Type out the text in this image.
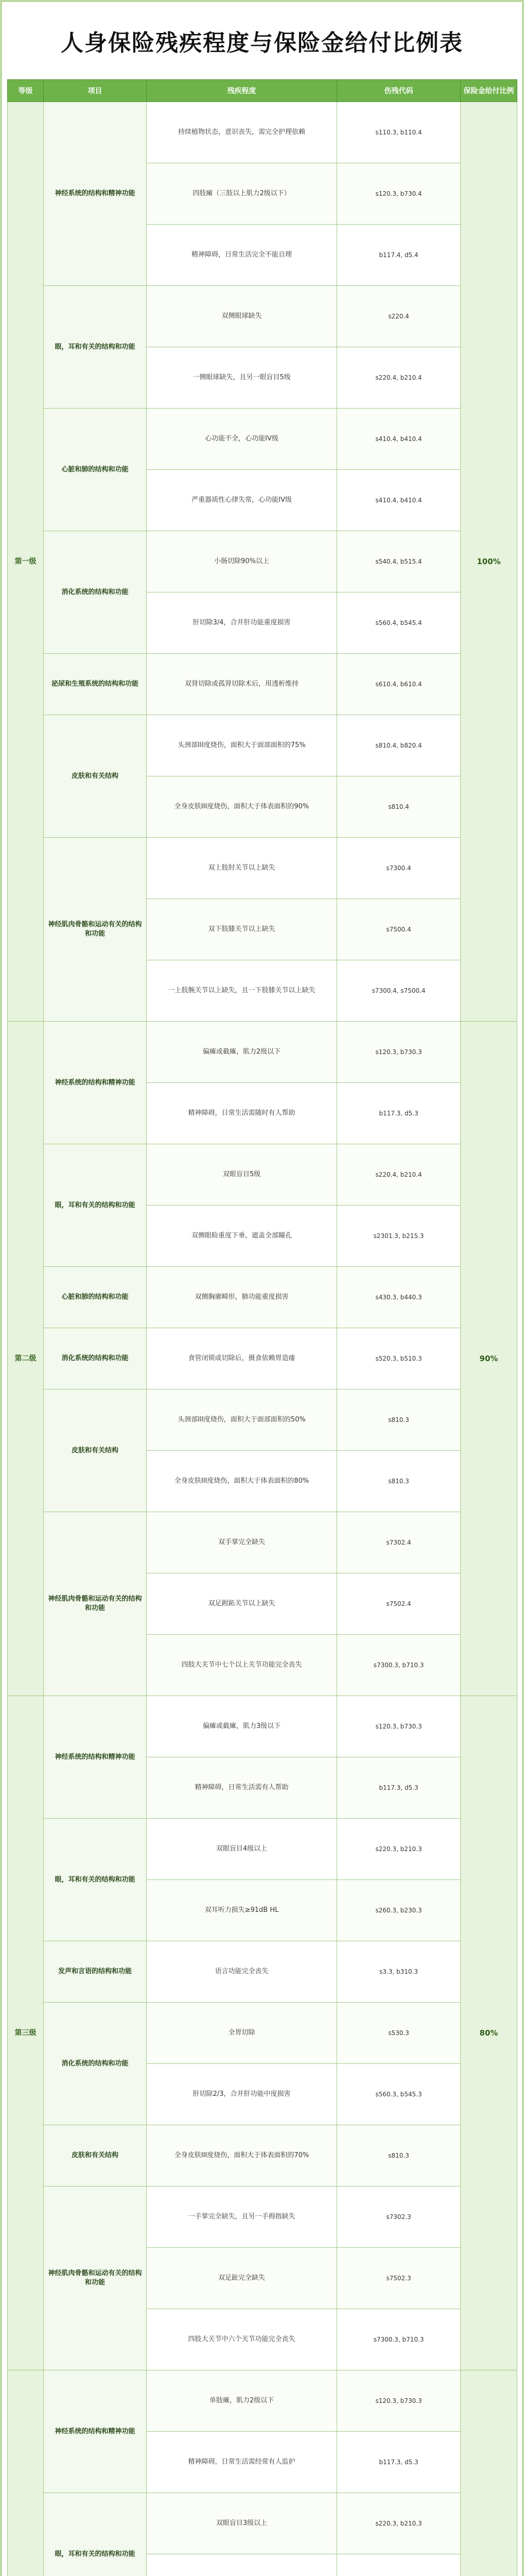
人身保险残疾程度与保险金给付比例表
等级	项目	残疾程度	伤残代码	保险金给付比例
第一级	神经系统的结构和精神功能	持续植物状态，意识丧失，需完全护理依赖	s110.3, b110.4	100%
		四肢瘫（三肢以上肌力2级以下）	s120.3, b730.4	
		精神障碍，日常生活完全不能自理	b117.4, d5.4	
	眼，耳和有关的结构和功能	双侧眼球缺失	s220.4	
		一侧眼球缺失，且另一眼盲目5级	s220.4, b210.4	
	心脏和肺的结构和功能	心功能不全，心功能IV级	s410.4, b410.4	
		严重器质性心律失常，心功能IV级	s410.4, b410.4	
	消化系统的结构和功能	小肠切除90%以上	s540.4, b515.4	
		肝切除3/4，合并肝功能重度损害	s560.4, b545.4	
	泌尿和生殖系统的结构和功能	双肾切除或孤肾切除术后，用透析维持	s610.4, b610.4	
	皮肤和有关结构	头颈部III度烧伤，面积大于面部面积的75%	s810.4, b820.4	
		全身皮肤III度烧伤，面积大于体表面积的90%	s810.4	
	神经肌肉骨骼和运动有关的结构和功能	双上肢肘关节以上缺失	s7300.4	
		双下肢膝关节以上缺失	s7500.4	
		一上肢腕关节以上缺失，且一下肢膝关节以上缺失	s7300.4, s7500.4	
第二级	神经系统的结构和精神功能	偏瘫或截瘫，肌力2级以下	s120.3, b730.3	90%
		精神障碍，日常生活需随时有人帮助	b117.3, d5.3	
	眼，耳和有关的结构和功能	双眼盲目5级	s220.4, b210.4	
		双侧眼睑重度下垂，遮盖全部瞳孔	s2301.3, b215.3	
	心脏和肺的结构和功能	双侧胸廓畸形，肺功能重度损害	s430.3, b440.3	
	消化系统的结构和功能	食管闭锁或切除后，摄食依赖胃造瘘	s520.3, b510.3	
	皮肤和有关结构	头颈部III度烧伤，面积大于面部面积的50%	s810.3	
		全身皮肤III度烧伤，面积大于体表面积的80%	s810.3	
	神经肌肉骨骼和运动有关的结构和功能	双手掌完全缺失	s7302.4	
		双足跗跖关节以上缺失	s7502.4	
		四肢大关节中七个以上关节功能完全丧失	s7300.3, b710.3	
第三级	神经系统的结构和精神功能	偏瘫或截瘫，肌力3级以下	s120.3, b730.3	80%
		精神障碍，日常生活需有人帮助	b117.3, d5.3	
	眼，耳和有关的结构和功能	双眼盲目4级以上	s220.3, b210.3	
		双耳听力损失≥91dB HL	s260.3, b230.3	
	发声和言语的结构和功能	语言功能完全丧失	s3.3, b310.3	
	消化系统的结构和功能	全胃切除	s530.3	
		肝切除2/3，合并肝功能中度损害	s560.3, b545.3	
	皮肤和有关结构	全身皮肤III度烧伤，面积大于体表面积的70%	s810.3	
	神经肌肉骨骼和运动有关的结构和功能	一手掌完全缺失，且另一手拇指缺失	s7302.3	
		双足趾完全缺失	s7502.3	
		四肢大关节中六个关节功能完全丧失	s7300.3, b710.3	
	神经系统的结构和精神功能	单肢瘫，肌力2级以下	s120.3, b730.3	
		精神障碍，日常生活需经常有人监护	b117.3, d5.3	
	眼，耳和有关的结构和功能	双眼盲目3级以上	s220.3, b210.3	
